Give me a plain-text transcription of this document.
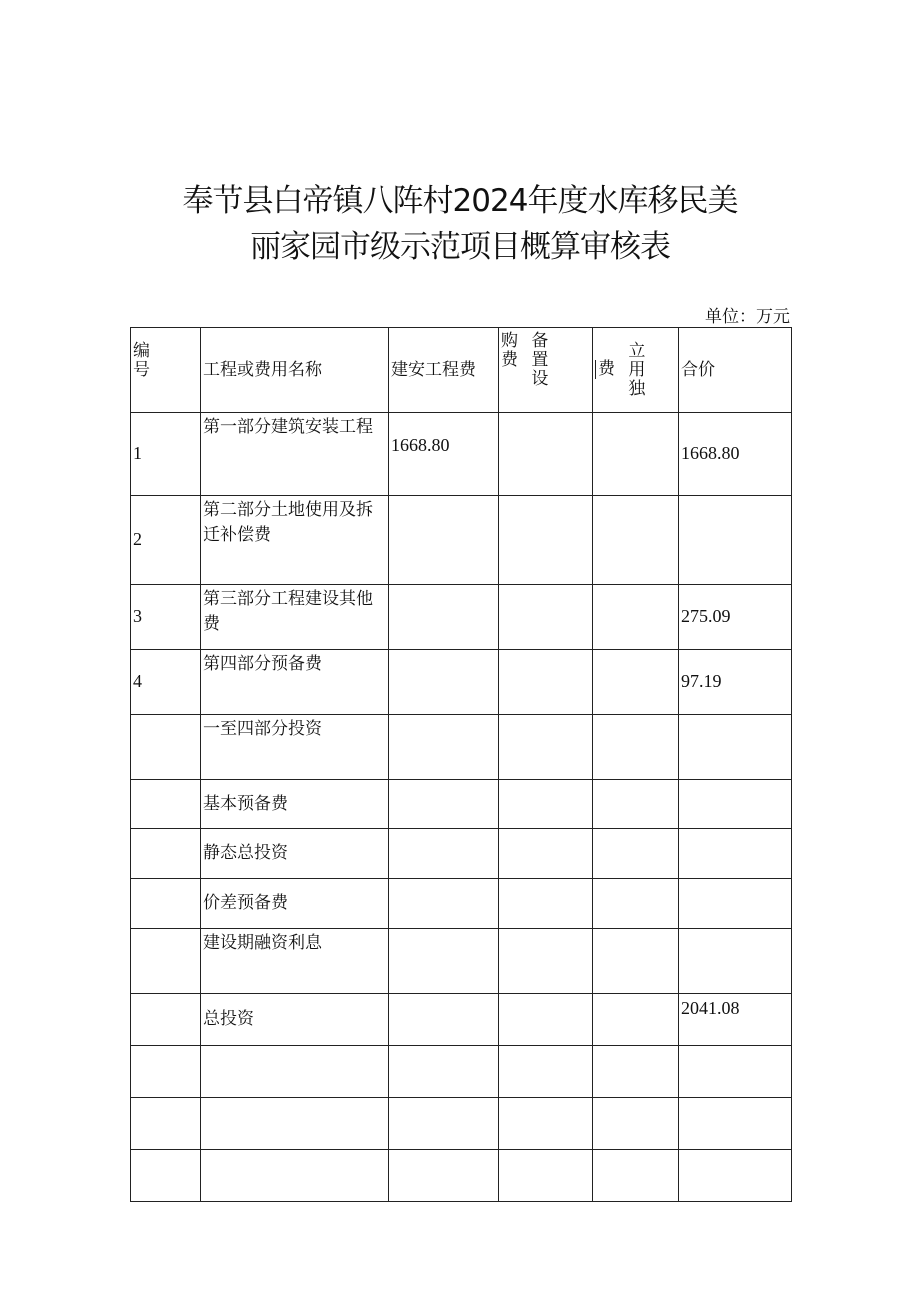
奉节县白帝镇八阵村2024年度水库移民美
丽家园市级示范项目概算审核表
单位：万元
编号	工程或费用名称	建安工程费	购费 备置设	费 立用独	合价
1	第一部分建筑安装工程	1668.80			1668.80
2	第二部分土地使用及拆迁补偿费				
3	第三部分工程建设其他费				275.09
4	第四部分预备费				97.19
	一至四部分投资				
	基本预备费				
	静态总投资				
	价差预备费				
	建设期融资利息				
	总投资				2041.08
